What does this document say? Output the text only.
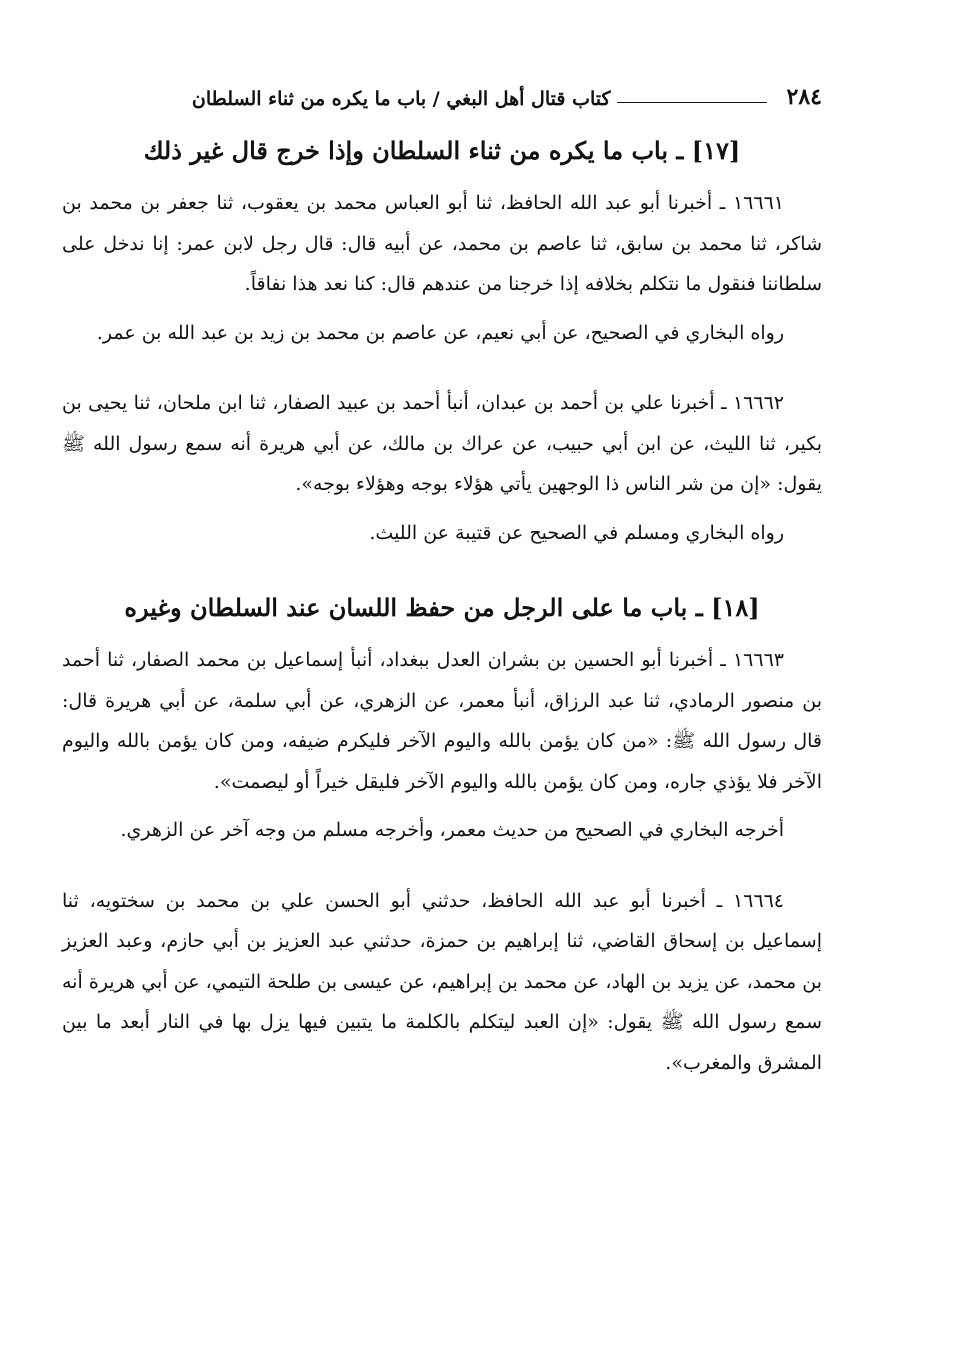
٢٨٤
كتاب قتال أهل البغي / باب ما يكره من ثناء السلطان
[١٧] ـ باب ما يكره من ثناء السلطان وإذا خرج قال غير ذلك

١٦٦٦١ ـ أخبرنا أبو عبد الله الحافظ، ثنا أبو العباس محمد بن يعقوب، ثنا جعفر بن محمد بن شاكر، ثنا محمد بن سابق، ثنا عاصم بن محمد، عن أبيه قال: قال رجل لابن عمر: إنا ندخل على سلطاننا فنقول ما نتكلم بخلافه إذا خرجنا من عندهم قال: كنا نعد هذا نفاقاً.

رواه البخاري في الصحيح، عن أبي نعيم، عن عاصم بن محمد بن زيد بن عبد الله بن عمر.

١٦٦٦٢ ـ أخبرنا علي بن أحمد بن عبدان، أنبأ أحمد بن عبيد الصفار، ثنا ابن ملحان، ثنا يحيى بن بكير، ثنا الليث، عن ابن أبي حبيب، عن عراك بن مالك، عن أبي هريرة أنه سمع رسول الله ﷺ يقول: «إن من شر الناس ذا الوجهين يأتي هؤلاء بوجه وهؤلاء بوجه».

رواه البخاري ومسلم في الصحيح عن قتيبة عن الليث.

[١٨] ـ باب ما على الرجل من حفظ اللسان عند السلطان وغيره

١٦٦٦٣ ـ أخبرنا أبو الحسين بن بشران العدل ببغداد، أنبأ إسماعيل بن محمد الصفار، ثنا أحمد بن منصور الرمادي، ثنا عبد الرزاق، أنبأ معمر، عن الزهري، عن أبي سلمة، عن أبي هريرة قال: قال رسول الله ﷺ: «من كان يؤمن بالله واليوم الآخر فليكرم ضيفه، ومن كان يؤمن بالله واليوم الآخر فلا يؤذي جاره، ومن كان يؤمن بالله واليوم الآخر فليقل خيراً أو ليصمت».

أخرجه البخاري في الصحيح من حديث معمر، وأخرجه مسلم من وجه آخر عن الزهري.

١٦٦٦٤ ـ أخبرنا أبو عبد الله الحافظ، حدثني أبو الحسن علي بن محمد بن سختويه، ثنا إسماعيل بن إسحاق القاضي، ثنا إبراهيم بن حمزة، حدثني عبد العزيز بن أبي حازم، وعبد العزيز بن محمد، عن يزيد بن الهاد، عن محمد بن إبراهيم، عن عيسى بن طلحة التيمي، عن أبي هريرة أنه سمع رسول الله ﷺ يقول: «إن العبد ليتكلم بالكلمة ما يتبين فيها يزل بها في النار أبعد ما بين المشرق والمغرب».
